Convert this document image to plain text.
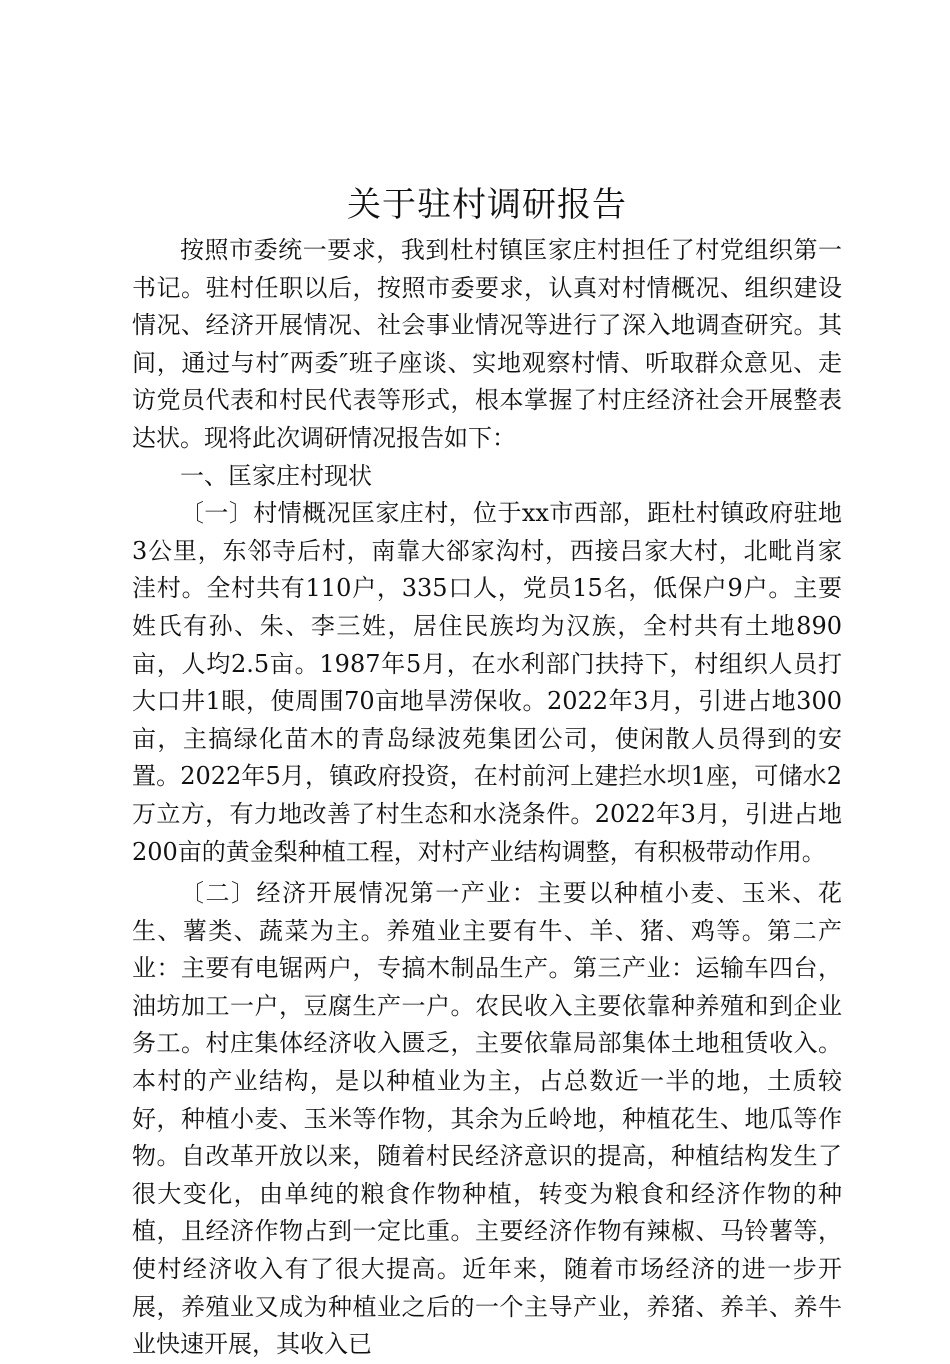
关于驻村调研报告

按照市委统一要求，我到杜村镇匡家庄村担任了村党组织第一书记。驻村任职以后，按照市委要求，认真对村情概况、组织建设情况、经济开展情况、社会事业情况等进行了深入地调查研究。其间，通过与村″两委″班子座谈、实地观察村情、听取群众意见、走访党员代表和村民代表等形式，根本掌握了村庄经济社会开展整表达状。现将此次调研情况报告如下：

一、匡家庄村现状

〔一〕村情概况匡家庄村，位于xx市西部，距杜村镇政府驻地3公里，东邻寺后村，南靠大郤家沟村，西接吕家大村，北毗肖家洼村。全村共有110户，335口人，党员15名，低保户9户。主要姓氏有孙、朱、李三姓，居住民族均为汉族，全村共有土地890亩，人均2.5亩。1987年5月，在水利部门扶持下，村组织人员打大口井1眼，使周围70亩地旱涝保收。2022年3月，引进占地300亩，主搞绿化苗木的青岛绿波苑集团公司，使闲散人员得到的安置。2022年5月，镇政府投资，在村前河上建拦水坝1座，可储水2万立方，有力地改善了村生态和水浇条件。2022年3月，引进占地200亩的黄金梨种植工程，对村产业结构调整，有积极带动作用。

〔二〕经济开展情况第一产业：主要以种植小麦、玉米、花生、薯类、蔬菜为主。养殖业主要有牛、羊、猪、鸡等。第二产业：主要有电锯两户，专搞木制品生产。第三产业：运输车四台，油坊加工一户，豆腐生产一户。农民收入主要依靠种养殖和到企业务工。村庄集体经济收入匮乏，主要依靠局部集体土地租赁收入。本村的产业结构，是以种植业为主，占总数近一半的地，土质较好，种植小麦、玉米等作物，其余为丘岭地，种植花生、地瓜等作物。自改革开放以来，随着村民经济意识的提高，种植结构发生了很大变化，由单纯的粮食作物种植，转变为粮食和经济作物的种植，且经济作物占到一定比重。主要经济作物有辣椒、马铃薯等，使村经济收入有了很大提高。近年来，随着市场经济的进一步开展，养殖业又成为种植业之后的一个主导产业，养猪、养羊、养牛业快速开展，其收入已
